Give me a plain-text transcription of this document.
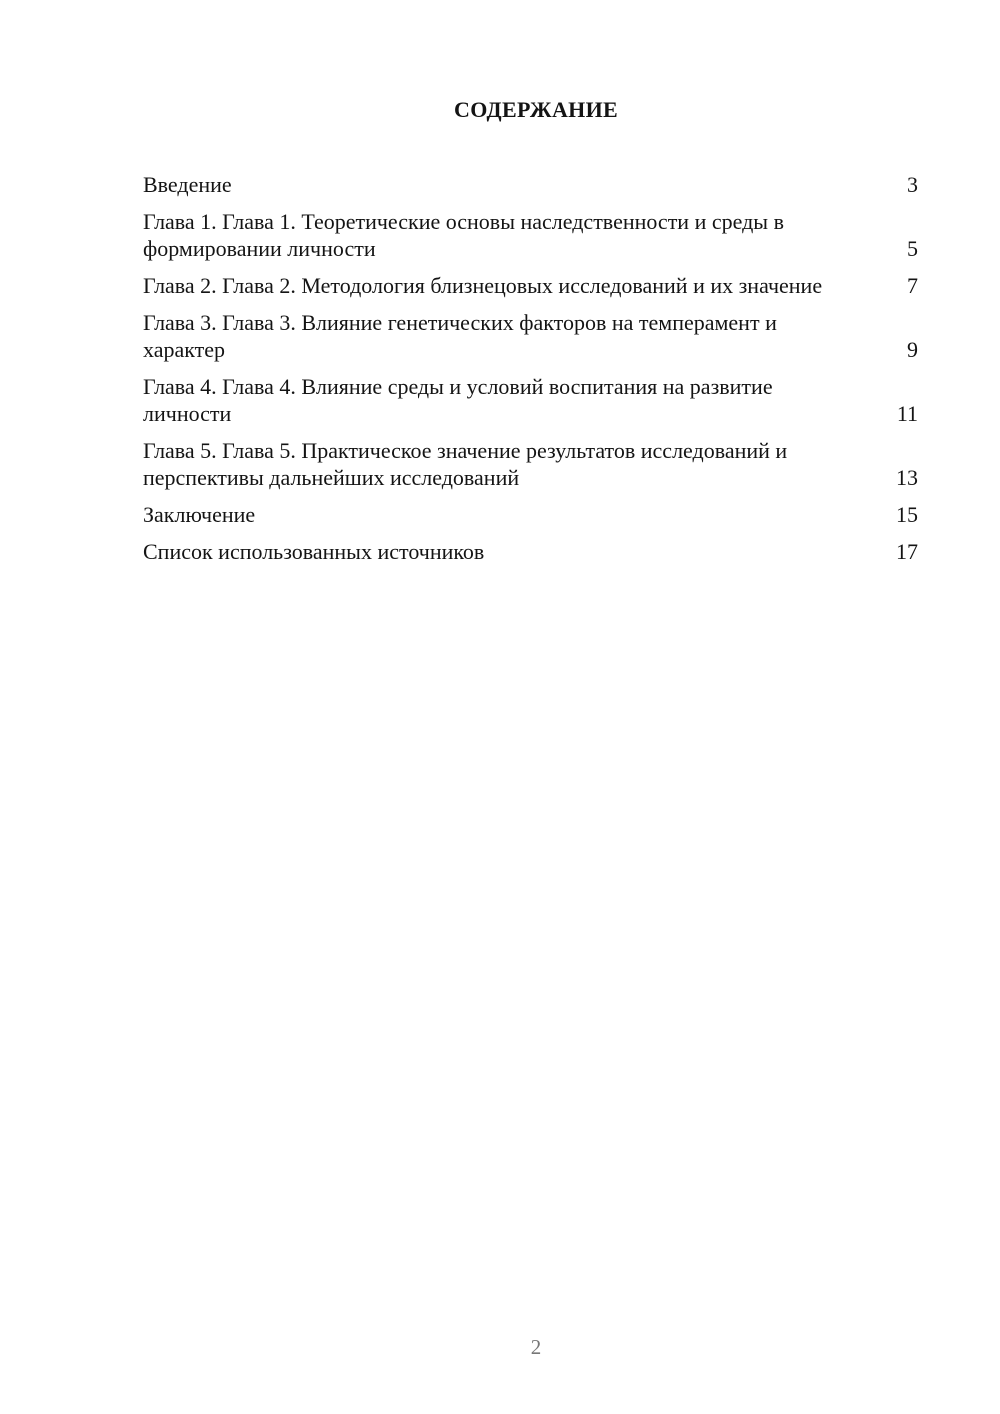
СОДЕРЖАНИЕ
Введение	3
Глава 1. Глава 1. Теоретические основы наследственности и среды в формировании личности	5
Глава 2. Глава 2. Методология близнецовых исследований и их значение	7
Глава 3. Глава 3. Влияние генетических факторов на темперамент и характер	9
Глава 4. Глава 4. Влияние среды и условий воспитания на развитие личности	11
Глава 5. Глава 5. Практическое значение результатов исследований и перспективы дальнейших исследований	13
Заключение	15
Список использованных источников	17
2
